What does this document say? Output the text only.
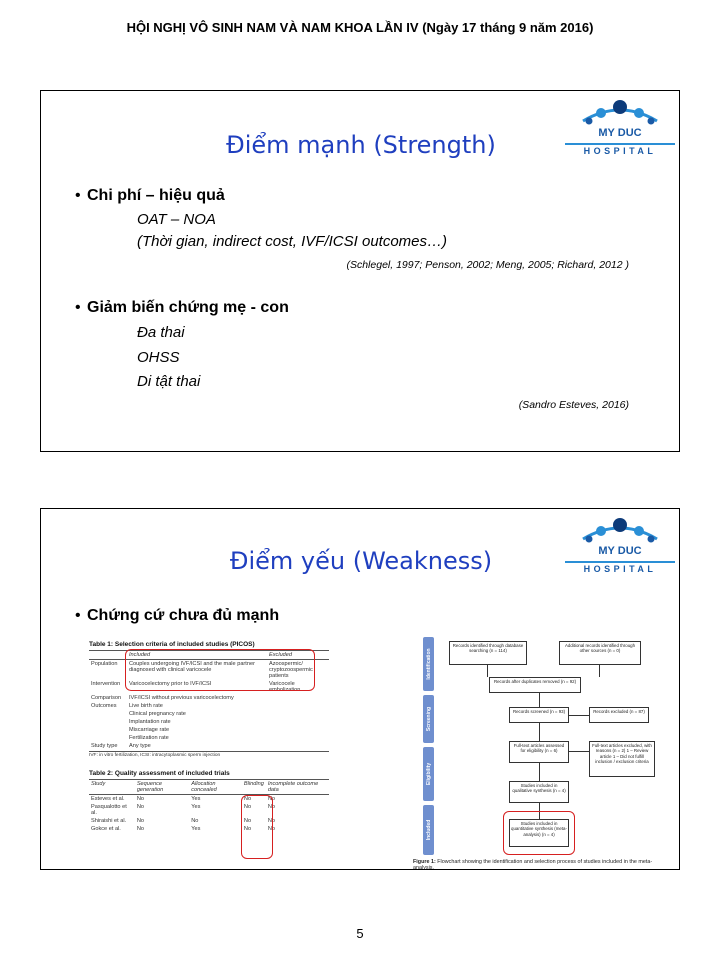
HỘI NGHỊ VÔ SINH NAM VÀ NAM KHOA LẦN IV (Ngày 17 tháng 9 năm 2016)
MY DUC
HOSPITAL
Điểm mạnh (Strength)
• Chi phí – hiệu quả
OAT – NOA
(Thời gian, indirect cost, IVF/ICSI outcomes…)
(Schlegel, 1997; Penson, 2002; Meng, 2005; Richard, 2012 )
• Giảm biến chứng mẹ - con
Đa thai
OHSS
Di tật thai
(Sandro Esteves, 2016)
MY DUC
HOSPITAL
Điểm yếu (Weakness)
• Chứng cứ chưa đủ mạnh
Table 1: Selection criteria of included studies (PICOS)
	Included	Excluded
Population	Couples undergoing IVF/ICSI and the male partner diagnosed with clinical varicocele	Azoospermic/ cryptozoospermic patients
Intervention	Varicocelectomy prior to IVF/ICSI	Varicocele embolization
Comparison	IVF/ICSI without previous varicocelectomy	
Outcomes	Live birth rate	
	Clinical pregnancy rate	
	Implantation rate	
	Miscarriage rate	
	Fertilization rate	
Study type	Any type	
IVF: in vitro fertilization, ICSI: intracytoplasmic sperm injection
Table 2: Quality assessment of included trials
Study	Sequence generation	Allocation concealed	Blinding	Incomplete outcome data
Esteves et al.	No	Yes	No	No
Pasqualotto et al.	No	Yes	No	No
Shiraishi et al.	No	No	No	No
Gokce et al.	No	Yes	No	No
Identification
Screening
Eligibility
Included
Records identified through database searching (n = 114)
Additional records identified through other sources (n = 0)
Records after duplicates removed (n = 92)
Records screened (n = 93)	Records excluded (n = 87)
Full-text articles assessed for eligibility (n = 6)
Full-text articles excluded, with reasons (n = 2) 1 – Review article 1 – Did not fulfill inclusion / exclusion criteria
Studies included in qualitative synthesis (n = 4)
Studies included in quantitative synthesis (meta-analysis) (n = 4)
Figure 1: Flowchart showing the identification and selection process of studies included in the meta-analysis.
5
